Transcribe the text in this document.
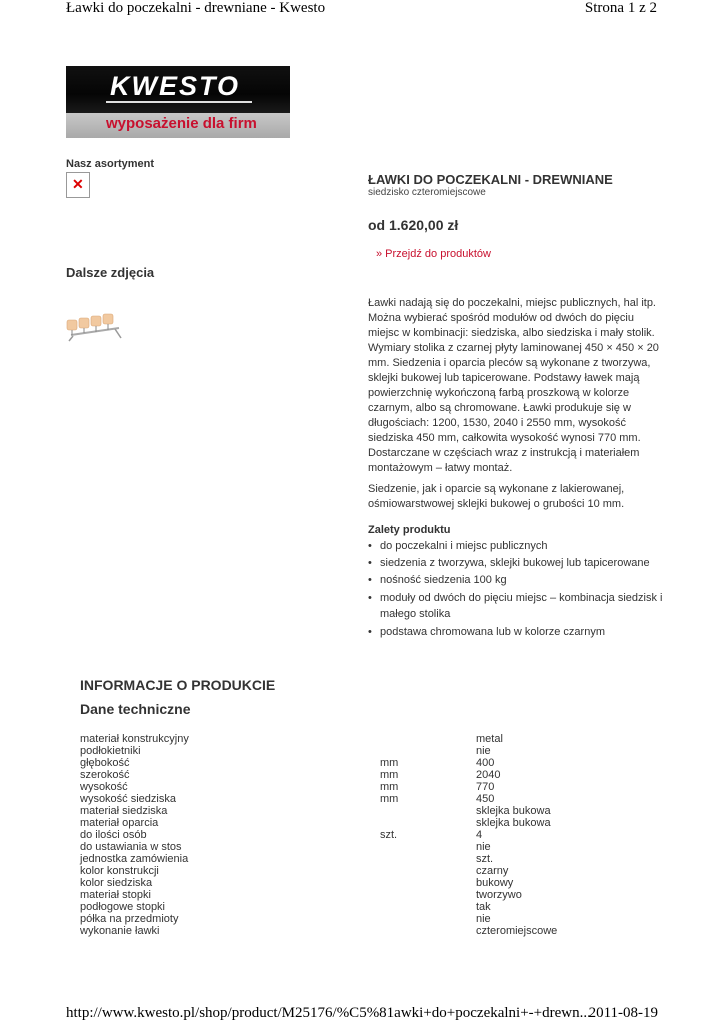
Ławki do poczekalni - drewniane - Kwesto	Strona 1 z 2
KWESTO
wyposażenie dla firm
Nasz asortyment
✕
Dalsze zdjęcia
ŁAWKI DO POCZEKALNI - DREWNIANE
siedzisko czteromiejscowe
od 1.620,00 zł
» Przejdź do produktów
Ławki nadają się do poczekalni, miejsc publicznych, hal itp. Można wybierać spośród modułów od dwóch do pięciu miejsc w kombinacji: siedziska, albo siedziska i mały stolik. Wymiary stolika z czarnej płyty laminowanej 450 × 450 × 20 mm. Siedzenia i oparcia pleców są wykonane z tworzywa, sklejki bukowej lub tapicerowane. Podstawy ławek mają powierzchnię wykończoną farbą proszkową w kolorze czarnym, albo są chromowane. Ławki produkuje się w długościach: 1200, 1530, 2040 i 2550 mm, wysokość siedziska 450 mm, całkowita wysokość wynosi 770 mm. Dostarczane w częściach wraz z instrukcją i materiałem montażowym – łatwy montaż.
Siedzenie, jak i oparcie są wykonane z lakierowanej, ośmiowarstwowej sklejki bukowej o grubości 10 mm.
Zalety produktu
• do poczekalni i miejsc publicznych
• siedzenia z tworzywa, sklejki bukowej lub tapicerowane
• nośność siedzenia 100 kg
• moduły od dwóch do pięciu miejsc – kombinacja siedzisk i małego stolika
• podstawa chromowana lub w kolorze czarnym
INFORMACJE O PRODUKCIE
Dane techniczne
materiał konstrukcyjny	metal
podłokietniki	nie
głębokość	mm	400
szerokość	mm	2040
wysokość	mm	770
wysokość siedziska	mm	450
materiał siedziska	sklejka bukowa
materiał oparcia	sklejka bukowa
do ilości osób	szt.	4
do ustawiania w stos	nie
jednostka zamówienia	szt.
kolor konstrukcji	czarny
kolor siedziska	bukowy
materiał stopki	tworzywo
podłogowe stopki	tak
półka na przedmioty	nie
wykonanie ławki	czteromiejscowe
http://www.kwesto.pl/shop/product/M25176/%C5%81awki+do+poczekalni+-+drewn...
2011-08-19
